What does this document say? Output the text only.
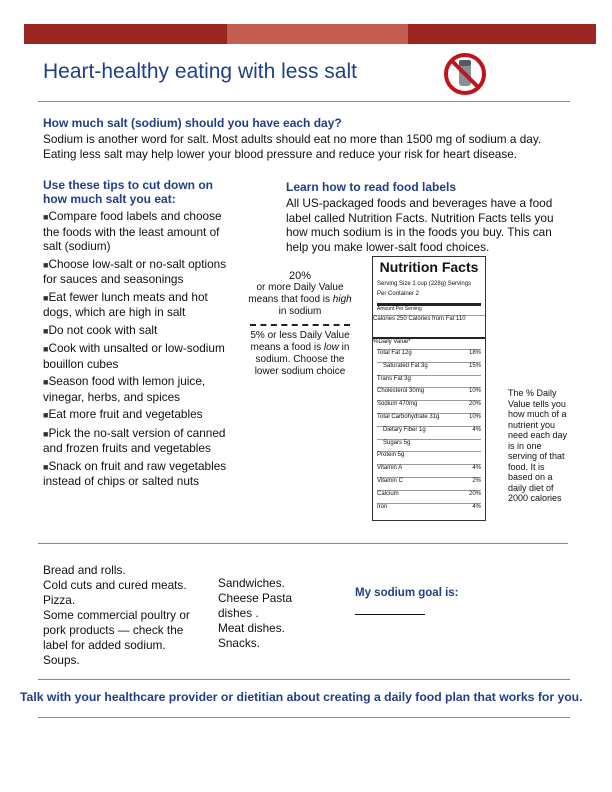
Heart-healthy eating with less salt
How much salt (sodium) should you have each day?
Sodium is another word for salt. Most adults should eat no more than 1500 mg of sodium a day. Eating less salt may help lower your blood pressure and reduce your risk for heart disease.
Use these tips to cut down on how much salt you eat:

■Compare food labels and choose the foods with the least amount of salt (sodium)

■Choose low-salt or no-salt options for sauces and seasonings

■Eat fewer lunch meats and hot dogs, which are high in salt

■Do not cook with salt

■Cook with unsalted or low-sodium bouillon cubes

■Season food with lemon juice, vinegar, herbs, and spices

■Eat more fruit and vegetables

■Pick the no-salt version of canned and frozen fruits and vegetables

■Snack on fruit and raw vegetables instead of chips or salted nuts

Learn how to read food labels
All US-packaged foods and beverages have a food label called Nutrition Facts. Nutrition Facts tells you how much sodium is in the foods you buy. This can help you make lower-salt food choices.
20%
or more Daily Value means that food is high in sodium
5% or less Daily Value means a food is low in sodium. Choose the lower sodium choice
Nutrition Facts
Serving Size 1 cup (228g) Servings Per Container 2
Amount Per Serving
Calories 250 Calories from Fat 110
%Daily Value*
Total Fat 12g	18%
Saturated Fat 3g	15%
Trans Fat 3g
Cholesterol 30mg	10%
Sodium 470mg	20%
Total Carbohydrate 31g	10%
Dietary Fiber 1g	4%
Sugars 5g
Protein 5g
Vitamin A	4%
Vitamin C	2%
Calcium	20%
Iron	4%
The % Daily Value tells you how much of a nutrient you need each day is in one serving of that food. It is based on a daily diet of 2000 calories
Bread and rolls.
Cold cuts and cured meats.
Pizza.
Some commercial poultry or pork products — check the label for added sodium.
Soups.
Sandwiches.
Cheese Pasta dishes .
Meat dishes.
Snacks.
My sodium goal is:
Talk with your healthcare provider or dietitian about creating a daily food plan that works for you.
